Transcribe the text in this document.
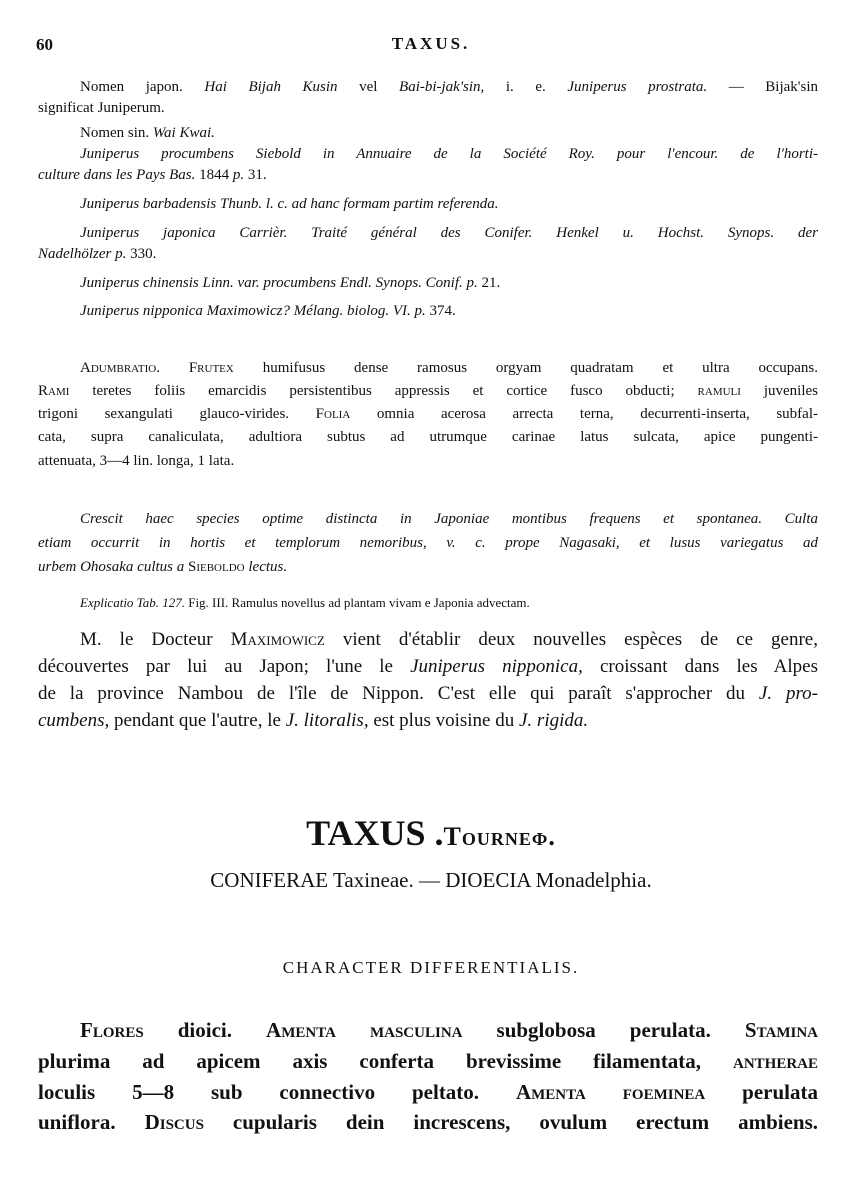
60	TAXUS.
Nomen japon. Hai Bijah Kusin vel Bai-bi-jak'sin, i. e. Juniperus prostrata. — Bijak'sin
significat Juniperum.
Nomen sin. Wai Kwai.
Juniperus procumbens Siebold in Annuaire de la Société Roy. pour l'encour. de l'horti-
culture dans les Pays Bas. 1844 p. 31.
Juniperus barbadensis Thunb. l. c. ad hanc formam partim referenda.
Juniperus japonica Carrièr. Traité général des Conifer. Henkel u. Hochst. Synops. der
Nadelhölzer p. 330.
Juniperus chinensis Linn. var. procumbens Endl. Synops. Conif. p. 21.
Juniperus nipponica Maximowicz? Mélang. biolog. VI. p. 374.
Adumbratio. Frutex humifusus dense ramosus orgyam quadratam et ultra occupans.
Rami teretes foliis emarcidis persistentibus appressis et cortice fusco obducti; ramuli juveniles
trigoni sexangulati glauco-virides. Folia omnia acerosa arrecta terna, decurrenti-inserta, subfal-
cata, supra canaliculata, adultiora subtus ad utrumque carinae latus sulcata, apice pungenti-
attenuata, 3—4 lin. longa, 1 lata.
Crescit haec species optime distincta in Japoniae montibus frequens et spontanea. Culta
etiam occurrit in hortis et templorum nemoribus, v. c. prope Nagasaki, et lusus variegatus ad
urbem Ohosaka cultus a Sieboldo lectus.
Explicatio Tab. 127. Fig. III. Ramulus novellus ad plantam vivam e Japonia advectam.
M. le Docteur Maximowicz vient d'établir deux nouvelles espèces de ce genre,
découvertes par lui au Japon; l'une le Juniperus nipponica, croissant dans les Alpes
de la province Nambou de l'île de Nippon. C'est elle qui paraît s'approcher du J. pro-
cumbens, pendant que l'autre, le J. litoralis, est plus voisine du J. rigida.
Flores dioici. Amenta masculina subglobosa perulata. Stamina
plurima ad apicem axis conferta brevissime filamentata, antherae
loculis 5—8 sub connectivo peltato. Amenta foeminea perulata
uniflora. Discus cupularis dein increscens, ovulum erectum ambiens.
TAXUS .Tourneф.
CONIFERAE Taxineae. — DIOECIA Monadelphia.
CHARACTER DIFFERENTIALIS.
